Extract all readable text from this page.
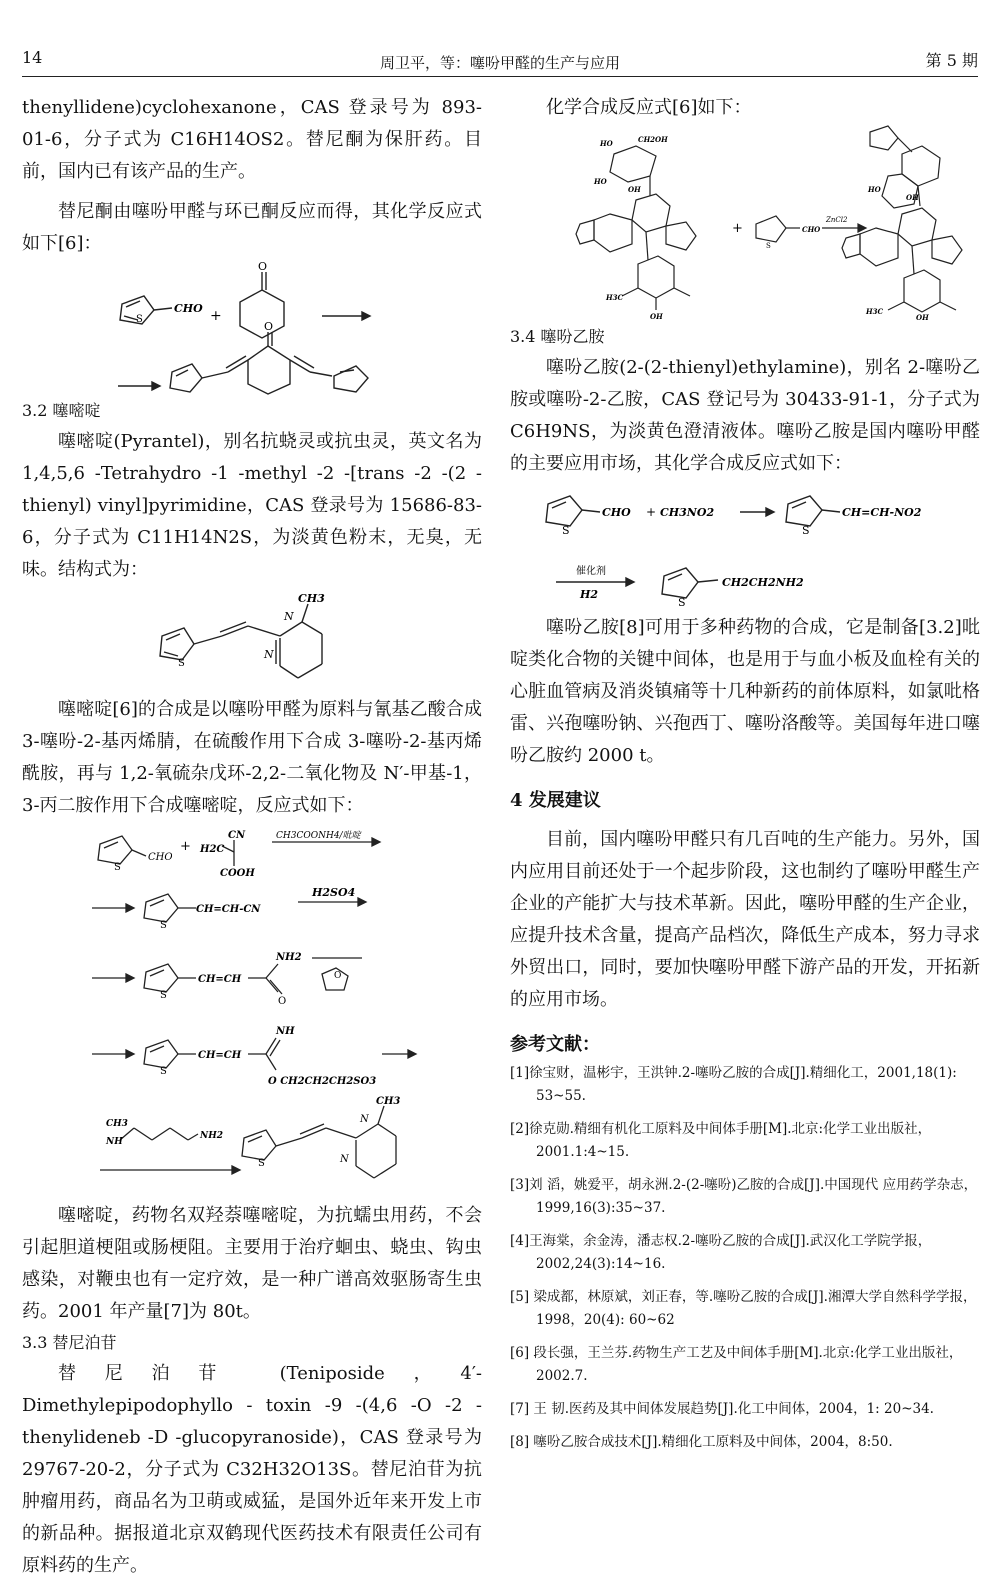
14	周卫平，等：噻吩甲醛的生产与应用	第 5 期

thenyllidene)cyclohexanone，CAS 登录号为 893-01-6，分子式为 C16H14OS2。替尼酮为保肝药。目前，国内已有该产品的生产。

替尼酮由噻吩甲醛与环已酮反应而得，其化学反应式如下[6]：

S
CHO +
O
O
3.2 噻嘧啶

噻嘧啶(Pyrantel)，别名抗蛲灵或抗虫灵，英文名为 1,4,5,6 -Tetrahydro -1 -methyl -2 -[trans -2 -(2 -thienyl) vinyl]pyrimidine，CAS 登录号为 15686-83-6，分子式为 C11H14N2S，为淡黄色粉末，无臭，无味。结构式为：

S
CH3
N
N

噻嘧啶[6]的合成是以噻吩甲醛为原料与氰基乙酸合成 3-噻吩-2-基丙烯腈，在硫酸作用下合成 3-噻吩-2-基丙烯酰胺，再与 1,2-氧硫杂戊环-2,2-二氧化物及 N′-甲基-1，3-丙二胺作用下合成噻嘧啶，反应式如下：

S
CHO
+ H2C
CN
COOH
CH3COONH4/吡啶
S
CH=CH-CN
H2SO4
S
CH=CH
NH2
O
O
S
CH=CH
NH
O CH2CH2CH2SO3
CH3
NH
NH2
S
CH3
N
N

噻嘧啶，药物名双羟萘噻嘧啶，为抗蠕虫用药，不会引起胆道梗阻或肠梗阻。主要用于治疗蛔虫、蛲虫、钩虫感染，对鞭虫也有一定疗效，是一种广谱高效驱肠寄生虫药。2001 年产量[7]为 80t。

3.3 替尼泊苷

替尼泊苷 (Teniposide，4′-Dimethylepipodophyllo - toxin -9 -(4,6 -O -2 -thenylideneb -D -glucopyranoside)，CAS 登录号为 29767-20-2，分子式为 C32H32O13S。替尼泊苷为抗肿瘤用药，商品名为卫萌或威猛，是国外近年来开发上市的新品种。据报道北京双鹤现代医药技术有限责任公司有原料药的生产。

化学合成反应式[6]如下：

HO	CH2OH
HO
OH
H3C
OH
+	CHO
S
ZnCl2
HO
OH
H3C
OH
3.4 噻吩乙胺

噻吩乙胺(2-(2-thienyl)ethylamine)，别名 2-噻吩乙胺或噻吩-2-乙胺，CAS 登记号为 30433-91-1，分子式为 C6H9NS，为淡黄色澄清液体。噻吩乙胺是国内噻吩甲醛的主要应用市场，其化学合成反应式如下：

S
CHO + CH3NO2
S
CH=CH-NO2
催化剂
H2
S
CH2CH2NH2

噻吩乙胺[8]可用于多种药物的合成，它是制备[3.2]吡啶类化合物的关键中间体，也是用于与血小板及血栓有关的心脏血管病及消炎镇痛等十几种新药的前体原料，如氯吡格雷、兴孢噻吩钠、兴孢西丁、噻吩洛酸等。美国每年进口噻吩乙胺约 2000 t。

4 发展建议

目前，国内噻吩甲醛只有几百吨的生产能力。另外，国内应用目前还处于一个起步阶段，这也制约了噻吩甲醛生产企业的产能扩大与技术革新。因此，噻吩甲醛的生产企业，应提升技术含量，提高产品档次，降低生产成本，努力寻求外贸出口，同时，要加快噻吩甲醛下游产品的开发，开拓新的应用市场。

参考文献：
[1]徐宝财，温彬宇，王洪钟.2-噻吩乙胺的合成[J].精细化工，2001,18(1): 53~55.
[2]徐克勋.精细有机化工原料及中间体手册[M].北京:化学工业出版社，2001.1:4~15.
[3]刘 滔，姚爱平，胡永洲.2-(2-噻吩)乙胺的合成[J].中国现代 应用药学杂志，1999,16(3):35~37.
[4]王海棠，余金涛，潘志权.2-噻吩乙胺的合成[J].武汉化工学院学报，2002,24(3):14~16.
[5] 梁成都，林原斌，刘正春，等.噻吩乙胺的合成[J].湘潭大学自然科学学报，1998，20(4): 60~62
[6] 段长强，王兰芬.药物生产工艺及中间体手册[M].北京:化学工业出版社，2002.7.
[7] 王 韧.医药及其中间体发展趋势[J].化工中间体，2004，1: 20~34.
[8] 噻吩乙胺合成技术[J].精细化工原料及中间体，2004，8:50.
